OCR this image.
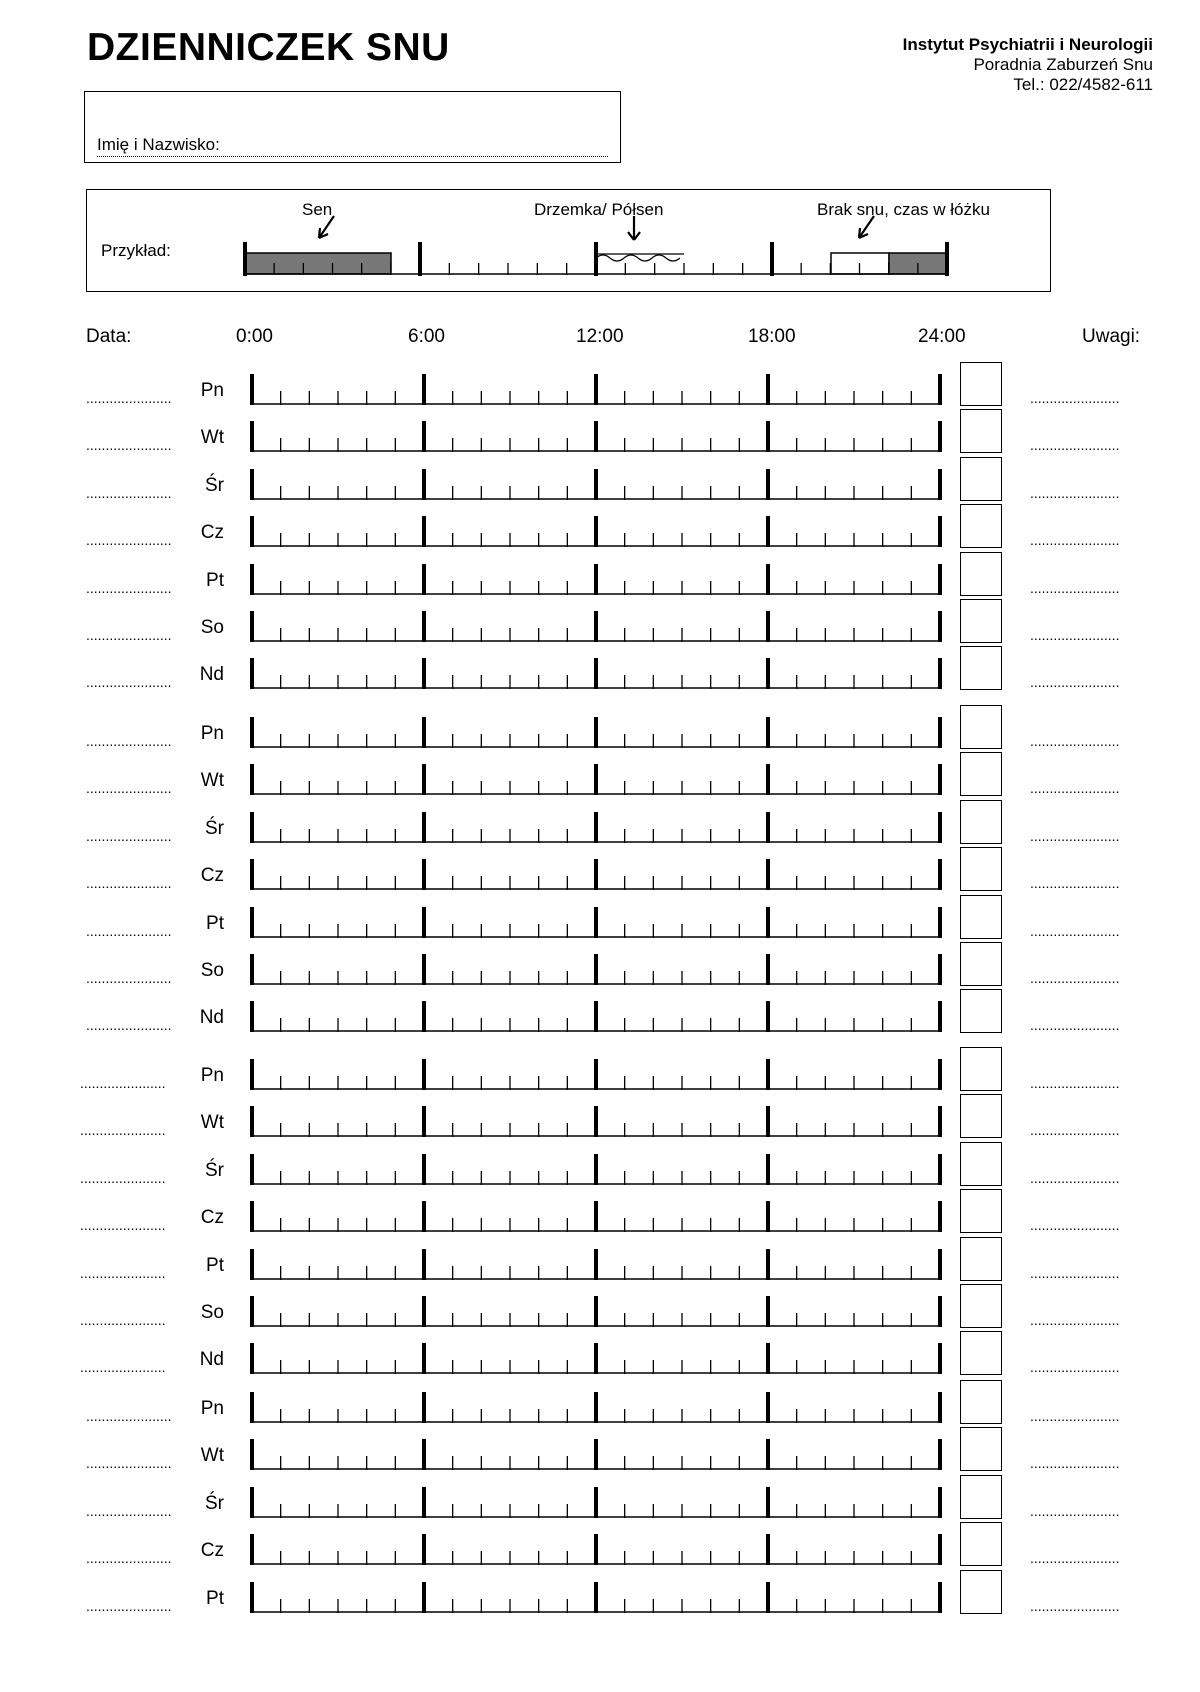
DZIENNICZEK SNU	Instytut Psychiatrii i Neurologii
Poradnia Zaburzeń Snu
Tel.: 022/4582-611
Imię i Nazwisko:
Przykład:
Sen	Drzemka/ Półsen	Brak snu, czas w łóżku
Data:	0:00	6:00	12:00	18:00	24:00	Uwagi:
......................	Pn	.......................
......................	Wt	.......................
......................	Śr	.......................
......................	Cz	.......................
......................	Pt	.......................
......................	So	.......................
......................	Nd	.......................
......................	Pn	.......................
......................	Wt	.......................
......................	Śr	.......................
......................	Cz	.......................
......................	Pt	.......................
......................	So	.......................
......................	Nd	.......................
......................	Pn	.......................
......................	Wt	.......................
......................	Śr	.......................
......................	Cz	.......................
......................	Pt	.......................
......................	So	.......................
......................	Nd	.......................
......................	Pn	.......................
......................	Wt	.......................
......................	Śr	.......................
......................	Cz	.......................
......................	Pt	.......................
